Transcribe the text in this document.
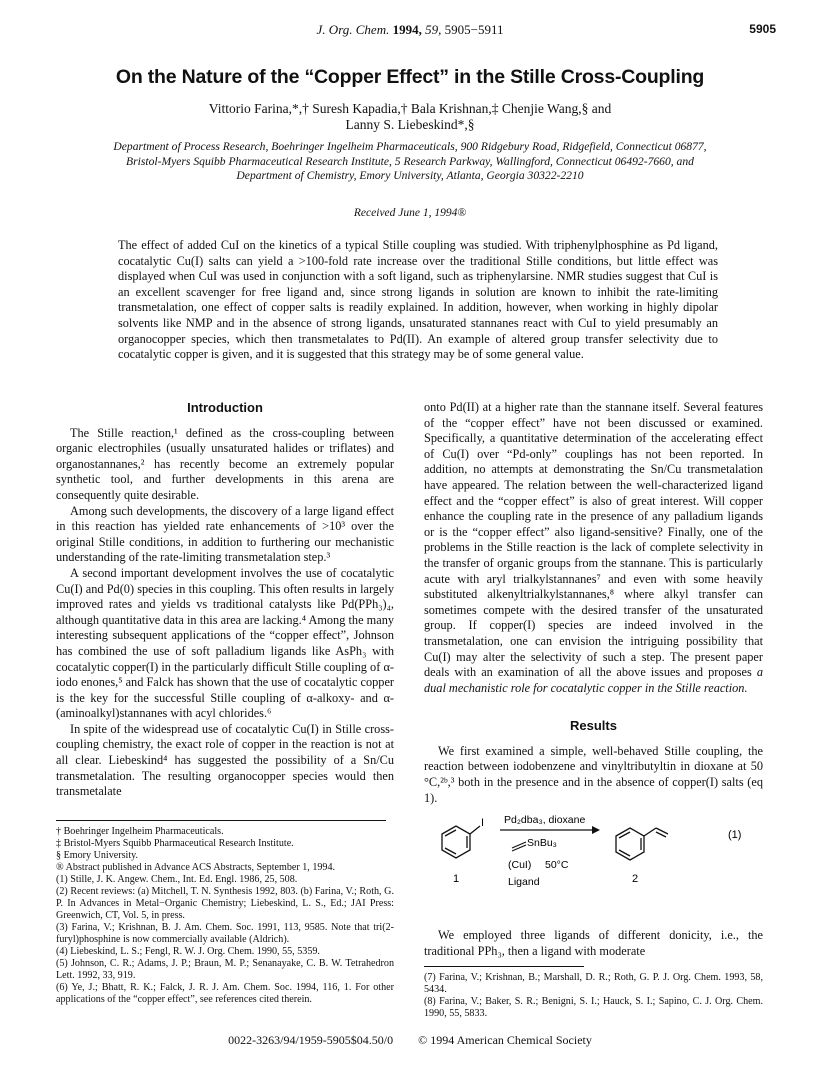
J. Org. Chem. 1994, 59, 5905−5911	5905
On the Nature of the “Copper Effect” in the Stille Cross-Coupling
Vittorio Farina,*,† Suresh Kapadia,† Bala Krishnan,‡ Chenjie Wang,§ and
Lanny S. Liebeskind*,§
Department of Process Research, Boehringer Ingelheim Pharmaceuticals, 900 Ridgebury Road, Ridgefield, Connecticut 06877, Bristol-Myers Squibb Pharmaceutical Research Institute, 5 Research Parkway, Wallingford, Connecticut 06492-7660, and Department of Chemistry, Emory University, Atlanta, Georgia 30322-2210
Received June 1, 1994®
The effect of added CuI on the kinetics of a typical Stille coupling was studied. With triphenylphosphine as Pd ligand, cocatalytic Cu(I) salts can yield a >100-fold rate increase over the traditional Stille conditions, but little effect was displayed when CuI was used in conjunction with a soft ligand, such as triphenylarsine. NMR studies suggest that CuI is an excellent scavenger for free ligand and, since strong ligands in solution are known to inhibit the rate-limiting transmetalation, one effect of copper salts is readily explained. In addition, however, when working in highly dipolar solvents like NMP and in the absence of strong ligands, unsaturated stannanes react with CuI to yield presumably an organocopper species, which then transmetalates to Pd(II). An example of altered group transfer selectivity due to cocatalytic copper is given, and it is suggested that this strategy may be of some general value.
Introduction

The Stille reaction,¹ defined as the cross-coupling between organic electrophiles (usually unsaturated halides or triflates) and organostannanes,² has recently become an extremely popular synthetic tool, and further developments in this arena are consequently quite desirable.

Among such developments, the discovery of a large ligand effect in this reaction has yielded rate enhancements of >10³ over the original Stille conditions, in addition to furthering our mechanistic understanding of the rate-limiting transmetalation step.³

A second important development involves the use of cocatalytic Cu(I) and Pd(0) species in this coupling. This often results in largely improved rates and yields vs traditional catalysts like Pd(PPh₃)₄, although quantitative data in this area are lacking.⁴ Among the many interesting subsequent applications of the “copper effect”, Johnson has combined the use of soft palladium ligands like AsPh₃ with cocatalytic copper(I) in the particularly difficult Stille coupling of α-iodo enones,⁵ and Falck has shown that the use of cocatalytic copper is the key for the successful Stille coupling of α-alkoxy- and α-(aminoalkyl)stannanes with acyl chlorides.⁶

In spite of the widespread use of cocatalytic Cu(I) in Stille cross-coupling chemistry, the exact role of copper in the reaction is not at all clear. Liebeskind⁴ has suggested the possibility of a Sn/Cu transmetalation. The resulting organocopper species would then transmetalate

onto Pd(II) at a higher rate than the stannane itself. Several features of the “copper effect” have not been discussed or examined. Specifically, a quantitative determination of the accelerating effect of Cu(I) over “Pd-only” couplings has not been reported. In addition, no attempts at demonstrating the Sn/Cu transmetalation have appeared. The relation between the well-characterized ligand effect and the “copper effect” is also of great interest. Will copper enhance the coupling rate in the presence of any palladium ligands or is the “copper effect” also ligand-sensitive? Finally, one of the problems in the Stille reaction is the lack of complete selectivity in the transfer of organic groups from the stannane. This is particularly acute with aryl trialkylstannanes⁷ and even with some heavily substituted alkenyltrialkylstannanes,⁸ where alkyl transfer can sometimes compete with the desired transfer of the unsaturated group. If copper(I) species are indeed involved in the transmetalation, one can envision the intriguing possibility that Cu(I) may alter the selectivity of such a step. The present paper deals with an examination of all the above issues and proposes a dual mechanistic role for cocatalytic copper in the Stille reaction.

Results

We first examined a simple, well-behaved Stille coupling, the reaction between iodobenzene and vinyltributyltin in dioxane at 50 °C,²ᵇ,³ both in the presence and in the absence of copper(I) salts (eq 1).

I
1
Pd₂dba₃, dioxane
SnBu₃
(CuI) 50°C
Ligand	2
(1)

We employed three ligands of different donicity, i.e., the traditional PPh₃, then a ligand with moderate

† Boehringer Ingelheim Pharmaceuticals.

‡ Bristol-Myers Squibb Pharmaceutical Research Institute.

§ Emory University.

® Abstract published in Advance ACS Abstracts, September 1, 1994.

(1) Stille, J. K. Angew. Chem., Int. Ed. Engl. 1986, 25, 508.

(2) Recent reviews: (a) Mitchell, T. N. Synthesis 1992, 803. (b) Farina, V.; Roth, G. P. In Advances in Metal−Organic Chemistry; Liebeskind, L. S., Ed.; JAI Press: Greenwich, CT, Vol. 5, in press.

(3) Farina, V.; Krishnan, B. J. Am. Chem. Soc. 1991, 113, 9585. Note that tri(2-furyl)phosphine is now commercially available (Aldrich).

(4) Liebeskind, L. S.; Fengl, R. W. J. Org. Chem. 1990, 55, 5359.

(5) Johnson, C. R.; Adams, J. P.; Braun, M. P.; Senanayake, C. B. W. Tetrahedron Lett. 1992, 33, 919.

(6) Ye, J.; Bhatt, R. K.; Falck, J. R. J. Am. Chem. Soc. 1994, 116, 1. For other applications of the “copper effect”, see references cited therein.

(7) Farina, V.; Krishnan, B.; Marshall, D. R.; Roth, G. P. J. Org. Chem. 1993, 58, 5434.

(8) Farina, V.; Baker, S. R.; Benigni, S. I.; Hauck, S. I.; Sapino, C. J. Org. Chem. 1990, 55, 5833.

0022-3263/94/1959-5905$04.50/0 © 1994 American Chemical Society
